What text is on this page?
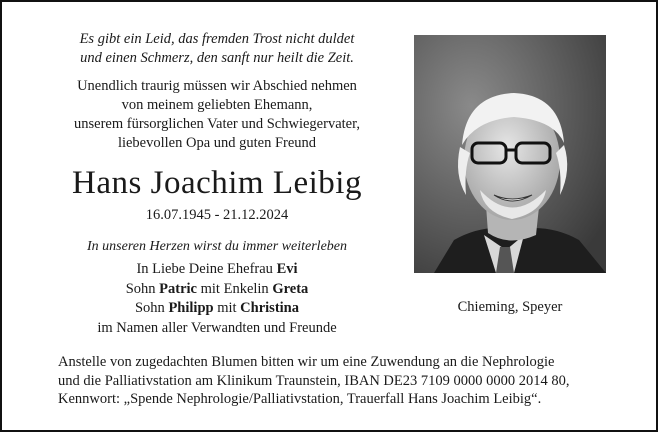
Es gibt ein Leid, das fremden Trost nicht duldet
und einen Schmerz, den sanft nur heilt die Zeit.

Unendlich traurig müssen wir Abschied nehmen
von meinem geliebten Ehemann,
unserem fürsorglichen Vater und Schwiegervater,
liebevollen Opa und guten Freund

Hans Joachim Leibig

16.07.1945 - 21.12.2024

In unseren Herzen wirst du immer weiterleben

In Liebe Deine Ehefrau Evi
Sohn Patric mit Enkelin Greta
Sohn Philipp mit Christina
im Namen aller Verwandten und Freunde
Chieming, Speyer
Anstelle von zugedachten Blumen bitten wir um eine Zuwendung an die Nephrologie
und die Palliativstation am Klinikum Traunstein, IBAN DE23 7109 0000 0000 2014 80,
Kennwort: „Spende Nephrologie/Palliativstation, Trauerfall Hans Joachim Leibig“.
